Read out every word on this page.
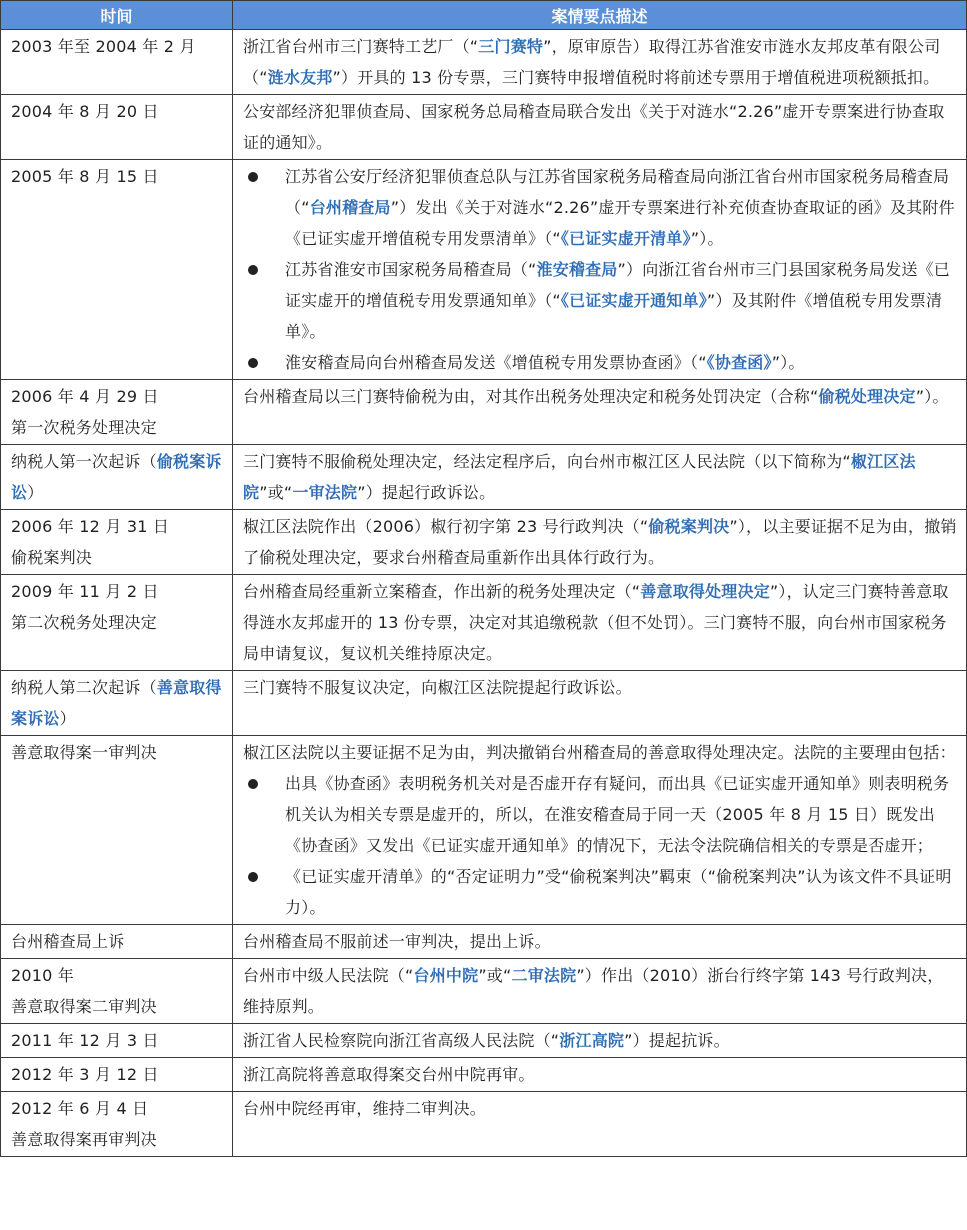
时间	案情要点描述

2003 年至 2004 年 2 月	浙江省台州市三门赛特工艺厂（“三门赛特”，原审原告）取得江苏省淮安市涟水友邦皮革有限公司（“涟水友邦”）开具的 13 份专票，三门赛特申报增值税时将前述专票用于增值税进项税额抵扣。

2004 年 8 月 20 日	公安部经济犯罪侦查局、国家税务总局稽查局联合发出《关于对涟水“2.26”虚开专票案进行协查取证的通知》。

2005 年 8 月 15 日	江苏省公安厅经济犯罪侦查总队与江苏省国家税务局稽查局向浙江省台州市国家税务局稽查局（“台州稽查局”）发出《关于对涟水“2.26”虚开专票案进行补充侦查协查取证的函》及其附件《已证实虚开增值税专用发票清单》（“《已证实虚开清单》”）。
江苏省淮安市国家税务局稽查局（“淮安稽查局”）向浙江省台州市三门县国家税务局发送《已证实虚开的增值税专用发票通知单》（“《已证实虚开通知单》”）及其附件《增值税专用发票清单》。
淮安稽查局向台州稽查局发送《增值税专用发票协查函》（“《协查函》”）。

2006 年 4 月 29 日
第一次税务处理决定	台州稽查局以三门赛特偷税为由，对其作出税务处理决定和税务处罚决定（合称“偷税处理决定”）。

纳税人第一次起诉（偷税案诉讼）	三门赛特不服偷税处理决定，经法定程序后，向台州市椒江区人民法院（以下简称为“椒江区法院”或“一审法院”）提起行政诉讼。

2006 年 12 月 31 日
偷税案判决	椒江区法院作出（2006）椒行初字第 23 号行政判决（“偷税案判决”），以主要证据不足为由，撤销了偷税处理决定，要求台州稽查局重新作出具体行政行为。

2009 年 11 月 2 日
第二次税务处理决定	台州稽查局经重新立案稽查，作出新的税务处理决定（“善意取得处理决定”），认定三门赛特善意取得涟水友邦虚开的 13 份专票，决定对其追缴税款（但不处罚）。三门赛特不服，向台州市国家税务局申请复议，复议机关维持原决定。

纳税人第二次起诉（善意取得案诉讼）	三门赛特不服复议决定，向椒江区法院提起行政诉讼。

善意取得案一审判决	椒江区法院以主要证据不足为由，判决撤销台州稽查局的善意取得处理决定。法院的主要理由包括：
出具《协查函》表明税务机关对是否虚开存有疑问，而出具《已证实虚开通知单》则表明税务机关认为相关专票是虚开的，所以，在淮安稽查局于同一天（2005 年 8 月 15 日）既发出《协查函》又发出《已证实虚开通知单》的情况下，无法令法院确信相关的专票是否虚开；
《已证实虚开清单》的“否定证明力”受“偷税案判决”羁束（“偷税案判决”认为该文件不具证明力）。

台州稽查局上诉	台州稽查局不服前述一审判决，提出上诉。

2010 年
善意取得案二审判决	台州市中级人民法院（“台州中院”或“二审法院”）作出（2010）浙台行终字第 143 号行政判决，维持原判。

2011 年 12 月 3 日	浙江省人民检察院向浙江省高级人民法院（“浙江高院”）提起抗诉。

2012 年 3 月 12 日	浙江高院将善意取得案交台州中院再审。

2012 年 6 月 4 日
善意取得案再审判决	台州中院经再审，维持二审判决。
